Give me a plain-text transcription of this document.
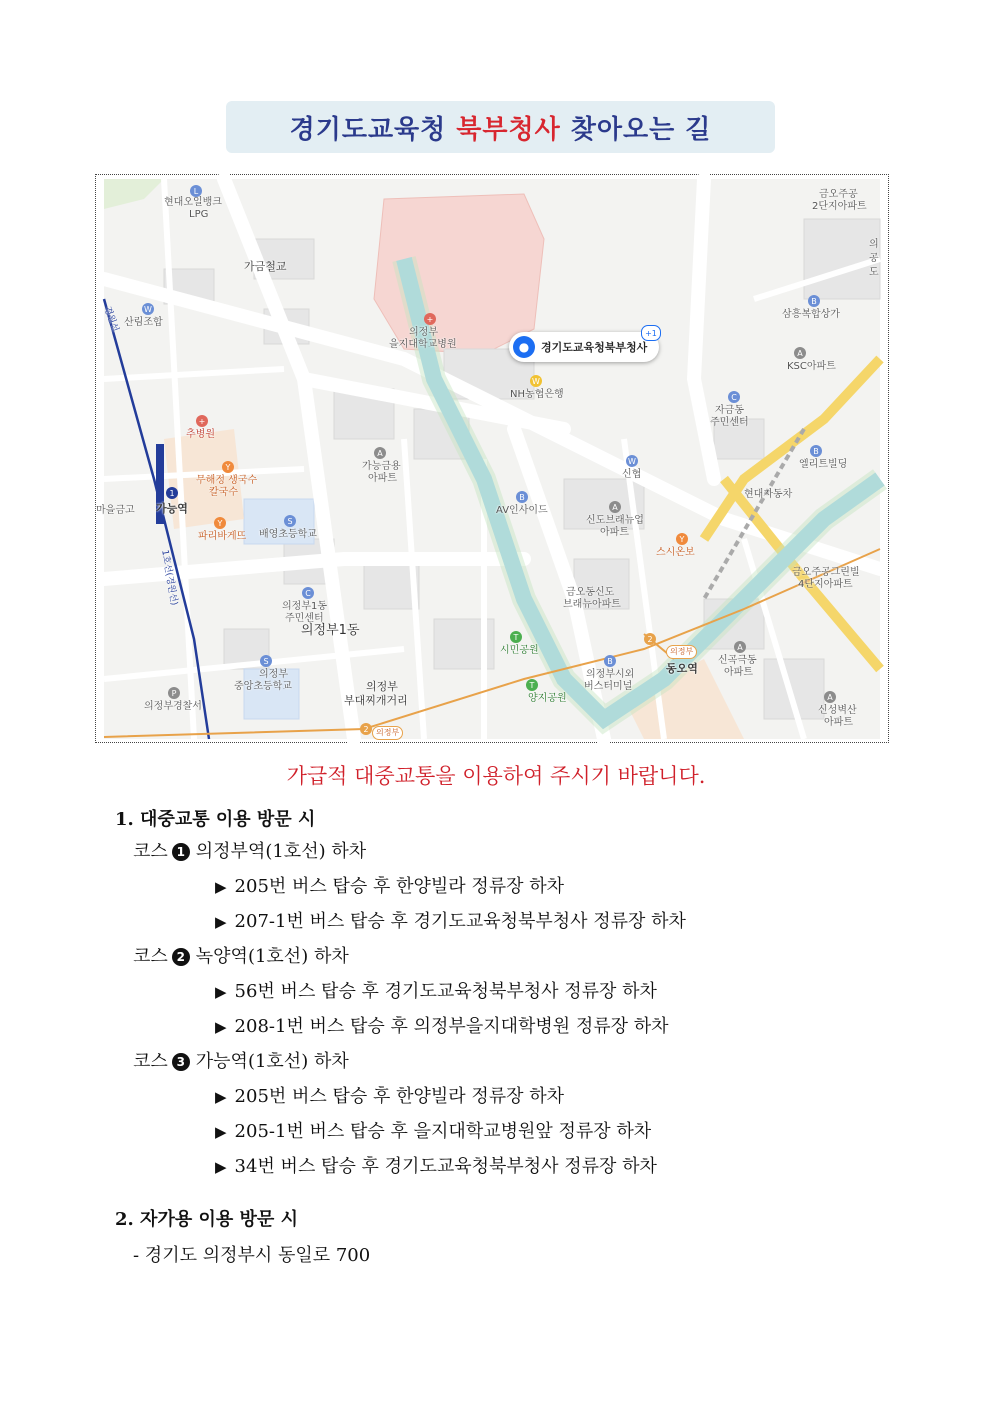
경기도교육청 북부청사 찾아오는 길
현대오일뱅크
LPG
금오주공
2단지아파트
가금철교
산림조합
의정부
을지대학교병원
NH농협은행
삼흥복합상가
KSC아파트
자금동
주민센터
추병원
무해정 생국수
칼국수
가능역
마을금고
파리바게뜨
가능금용
아파트	신협
엘리트빌딩
현대자동차
AV인사이드
배영초등학교
신도브래뉴업
아파트
스시온보
금오주공그린빌
4단지아파트
의정부1동
주민센터
의정부1동
금오동신도
브래뉴아파트
시민공원
동오역
신곡극동
아파트
의정부
중앙초등학교	의정부
부대찌개거리
의정부경찰서
의정부시외
버스터미널
양지공원
신성벽산
아파트
의
공
도
1호선(경원선)
경원선
의정부
의정부
+
+
W
W
W
L
B
B
B
A
A
A
A
A
Y
Y
Y
S
S
T
T
1
2
2
P
B
C
C
●	경기도교육청북부청사
+1
가급적 대중교통을 이용하여 주시기 바랍니다.
1. 대중교통 이용 방문 시
코스 1 의정부역(1호선) 하차
▶ 205번 버스 탑승 후 한양빌라 정류장 하차
▶ 207-1번 버스 탑승 후 경기도교육청북부청사 정류장 하차
코스 2 녹양역(1호선) 하차
▶ 56번 버스 탑승 후 경기도교육청북부청사 정류장 하차
▶ 208-1번 버스 탑승 후 의정부을지대학병원 정류장 하차
코스 3 가능역(1호선) 하차
▶ 205번 버스 탑승 후 한양빌라 정류장 하차
▶ 205-1번 버스 탑승 후 을지대학교병원앞 정류장 하차
▶ 34번 버스 탑승 후 경기도교육청북부청사 정류장 하차
2. 자가용 이용 방문 시
- 경기도 의정부시 동일로 700
